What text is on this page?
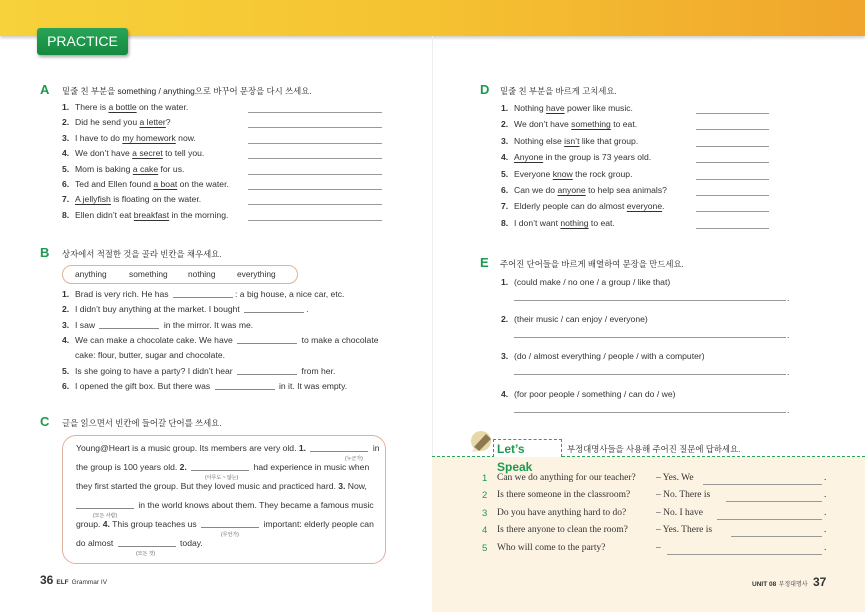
PRACTICE
A 밑줄 친 부분을 something / anything으로 바꾸어 문장을 다시 쓰세요.
1. There is a bottle on the water.
2. Did he send you a letter?
3. I have to do my homework now.
4. We don’t have a secret to tell you.
5. Mom is baking a cake for us.
6. Ted and Ellen found a boat on the water.
7. A jellyfish is floating on the water.
8. Ellen didn’t eat breakfast in the morning.
B 상자에서 적절한 것을 골라 빈칸을 채우세요.
anything	something nothing	everything
1. Brad is very rich. He has	: a big house, a nice car, etc.
2. I didn’t buy anything at the market. I bought	.
3. I saw	in the mirror. It was me.
4. We can make a chocolate cake. We have	to make a chocolate
cake: flour, butter, sugar and chocolate.
5. Is she going to have a party? I didn’t hear	from her.
6. I opened the gift box. But there was	in it. It was empty.
C 글을 읽으면서 빈칸에 들어갈 단어를 쓰세요.
Young@Heart is a music group. Its members are very old. 1.	in
(누군가)
the group is 100 years old. 2.	had experience in music when
(아무도 ~ 않는)
they first started the group. But they loved music and practiced hard. 3. Now,
in the world knows about them. They became a famous music
(모든 사람)
group. 4. This group teaches us	important: elderly people can
(무언가)
do almost	today.
(모든 것)
36 ELF Grammar IV
D 밑줄 친 부분을 바르게 고치세요.
1. Nothing have power like music.
2. We don’t have something to eat.
3. Nothing else isn’t like that group.
4. Anyone in the group is 73 years old.
5. Everyone know the rock group.
6. Can we do anyone to help sea animals?
7. Elderly people can do almost everyone.
8. I don’t want nothing to eat.
E 주어진 단어들을 바르게 배열하여 문장을 만드세요.
1. (could make / no one / a group / like that)
.
2. (their music / can enjoy / everyone)
.
3. (do / almost everything / people / with a computer)
.
4. (for poor people / something / can do / we)
.
Let’s Speak
부정대명사들을 사용해 주어진 질문에 답하세요.
1 Can we do anything for our teacher? – Yes. We	.
2 Is there someone in the classroom?	– No. There is	.
3 Do you have anything hard to do?	– No. I have	.
4 Is there anyone to clean the room?	– Yes. There is	.
5 Who will come to the party?	–	.
UNIT 08 부정대명사 37
